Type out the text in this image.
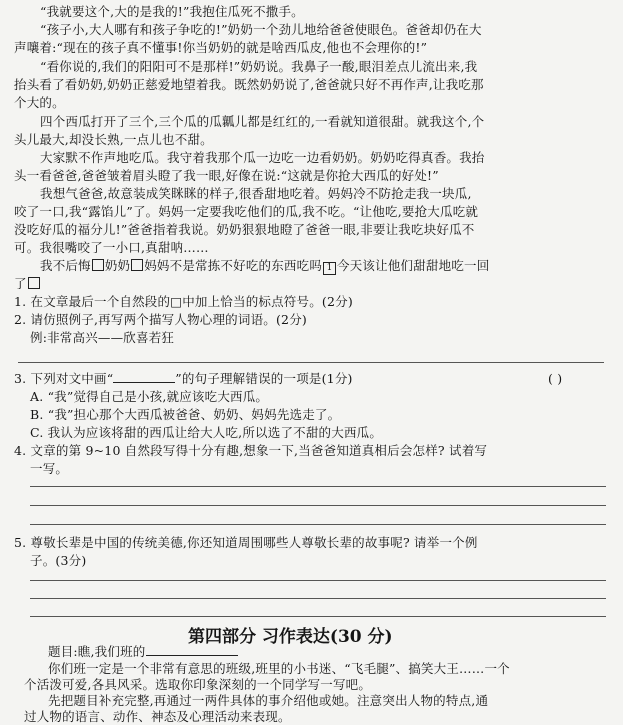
“我就要这个,大的是我的!”我抱住瓜死不撒手。
“孩子小,大人哪有和孩子争吃的!”奶奶一个劲儿地给爸爸使眼色。爸爸却仍在大
声嚷着:“现在的孩子真不懂事!你当奶奶的就是啥西瓜皮,他也不会理你的!”
“看你说的,我们的阳阳可不是那样!”奶奶说。我鼻子一酸,眼泪差点儿流出来,我
抬头看了看奶奶,奶奶正慈爱地望着我。既然奶奶说了,爸爸就只好不再作声,让我吃那
个大的。
四个西瓜打开了三个,三个瓜的瓜瓤儿都是红红的,一看就知道很甜。就我这个,个
头儿最大,却没长熟,一点儿也不甜。
大家默不作声地吃瓜。我守着我那个瓜一边吃一边看奶奶。奶奶吃得真香。我抬
头一看爸爸,爸爸皱着眉头瞪了我一眼,好像在说:“这就是你抢大西瓜的好处!”
我想气爸爸,故意装成笑眯眯的样子,很香甜地吃着。妈妈冷不防抢走我一块瓜,
咬了一口,我“露馅儿”了。妈妈一定要我吃他们的瓜,我不吃。“让他吃,要抢大瓜吃就
没吃好瓜的福分儿!”爸爸指着我说。奶奶狠狠地瞪了爸爸一眼,非要让我吃块好瓜不
可。我很嘴咬了一小口,真甜呐……
我不后悔 奶奶 妈妈不是常拣不好吃的东西吃吗 1 今天该让他们甜甜地吃一回
了
1. 在文章最后一个自然段的□中加上恰当的标点符号。(2分)
2. 请仿照例子,再写两个描写人物心理的词语。(2分)
例:非常高兴——欣喜若狂
3. 下列对文中画“	”的句子理解错误的一项是(1分)	( )
A. “我”觉得自己是小孩,就应该吃大西瓜。
B. “我”担心那个大西瓜被爸爸、奶奶、妈妈先选走了。
C. 我认为应该将甜的西瓜让给大人吃,所以选了不甜的大西瓜。
4. 文章的第 9~10 自然段写得十分有趣,想象一下,当爸爸知道真相后会怎样? 试着写
一写。
5. 尊敬长辈是中国的传统美德,你还知道周围哪些人尊敬长辈的故事呢? 请举一个例
子。(3分)
第四部分 习作表达(30 分)
题目:瞧,我们班的
你们班一定是一个非常有意思的班级,班里的小书迷、“飞毛腿”、搞笑大王……一个
个活泼可爱,各具风采。选取你印象深刻的一个同学写一写吧。
先把题目补充完整,再通过一两件具体的事介绍他或她。注意突出人物的特点,通
过人物的语言、动作、神态及心理活动来表现。
